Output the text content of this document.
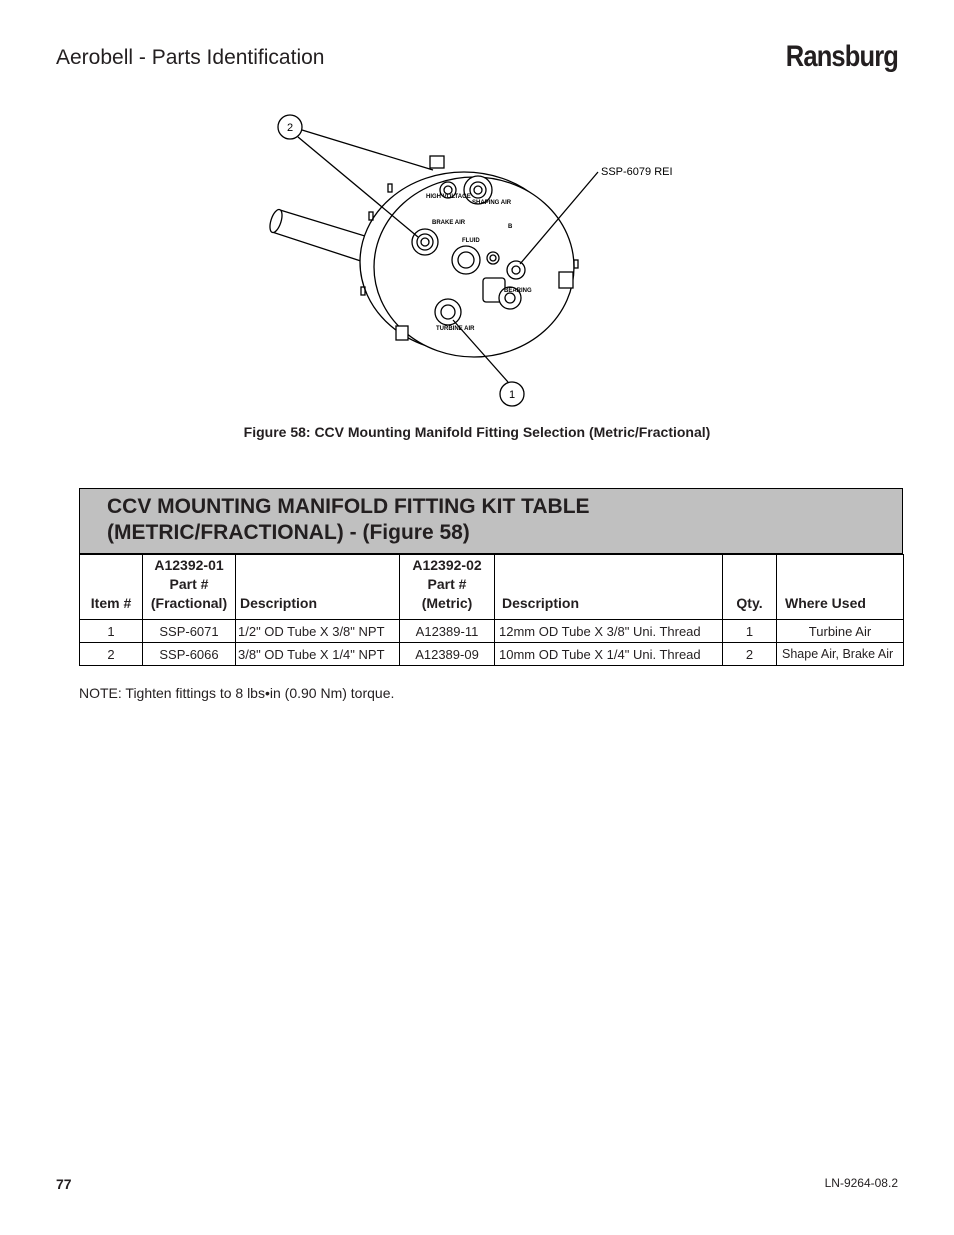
Aerobell - Parts Identification	Ransburg
HIGH VOLTAGE
BRAKE AIR
FLUID
B
BEARING
TURBINE AIR
SHAPING AIR
2
1
SSP-6079 REI
Figure 58: CCV Mounting Manifold Fitting Selection (Metric/Fractional)
CCV MOUNTING MANIFOLD FITTING KIT TABLE
(METRIC/FRACTIONAL) - (Figure 58)
Item #	A12392-01 Part # (Fractional)	Description	A12392-02 Part # (Metric)	Description	Qty.	Where Used
1	SSP-6071	1/2" OD Tube X 3/8" NPT	A12389-11	12mm OD Tube X 3/8" Uni. Thread	1	Turbine Air
2	SSP-6066	3/8" OD Tube X 1/4" NPT	A12389-09	10mm OD Tube X 1/4" Uni. Thread	2	Shape Air, Brake Air
NOTE: Tighten fittings to 8 lbs•in (0.90 Nm) torque.
77	LN-9264-08.2
